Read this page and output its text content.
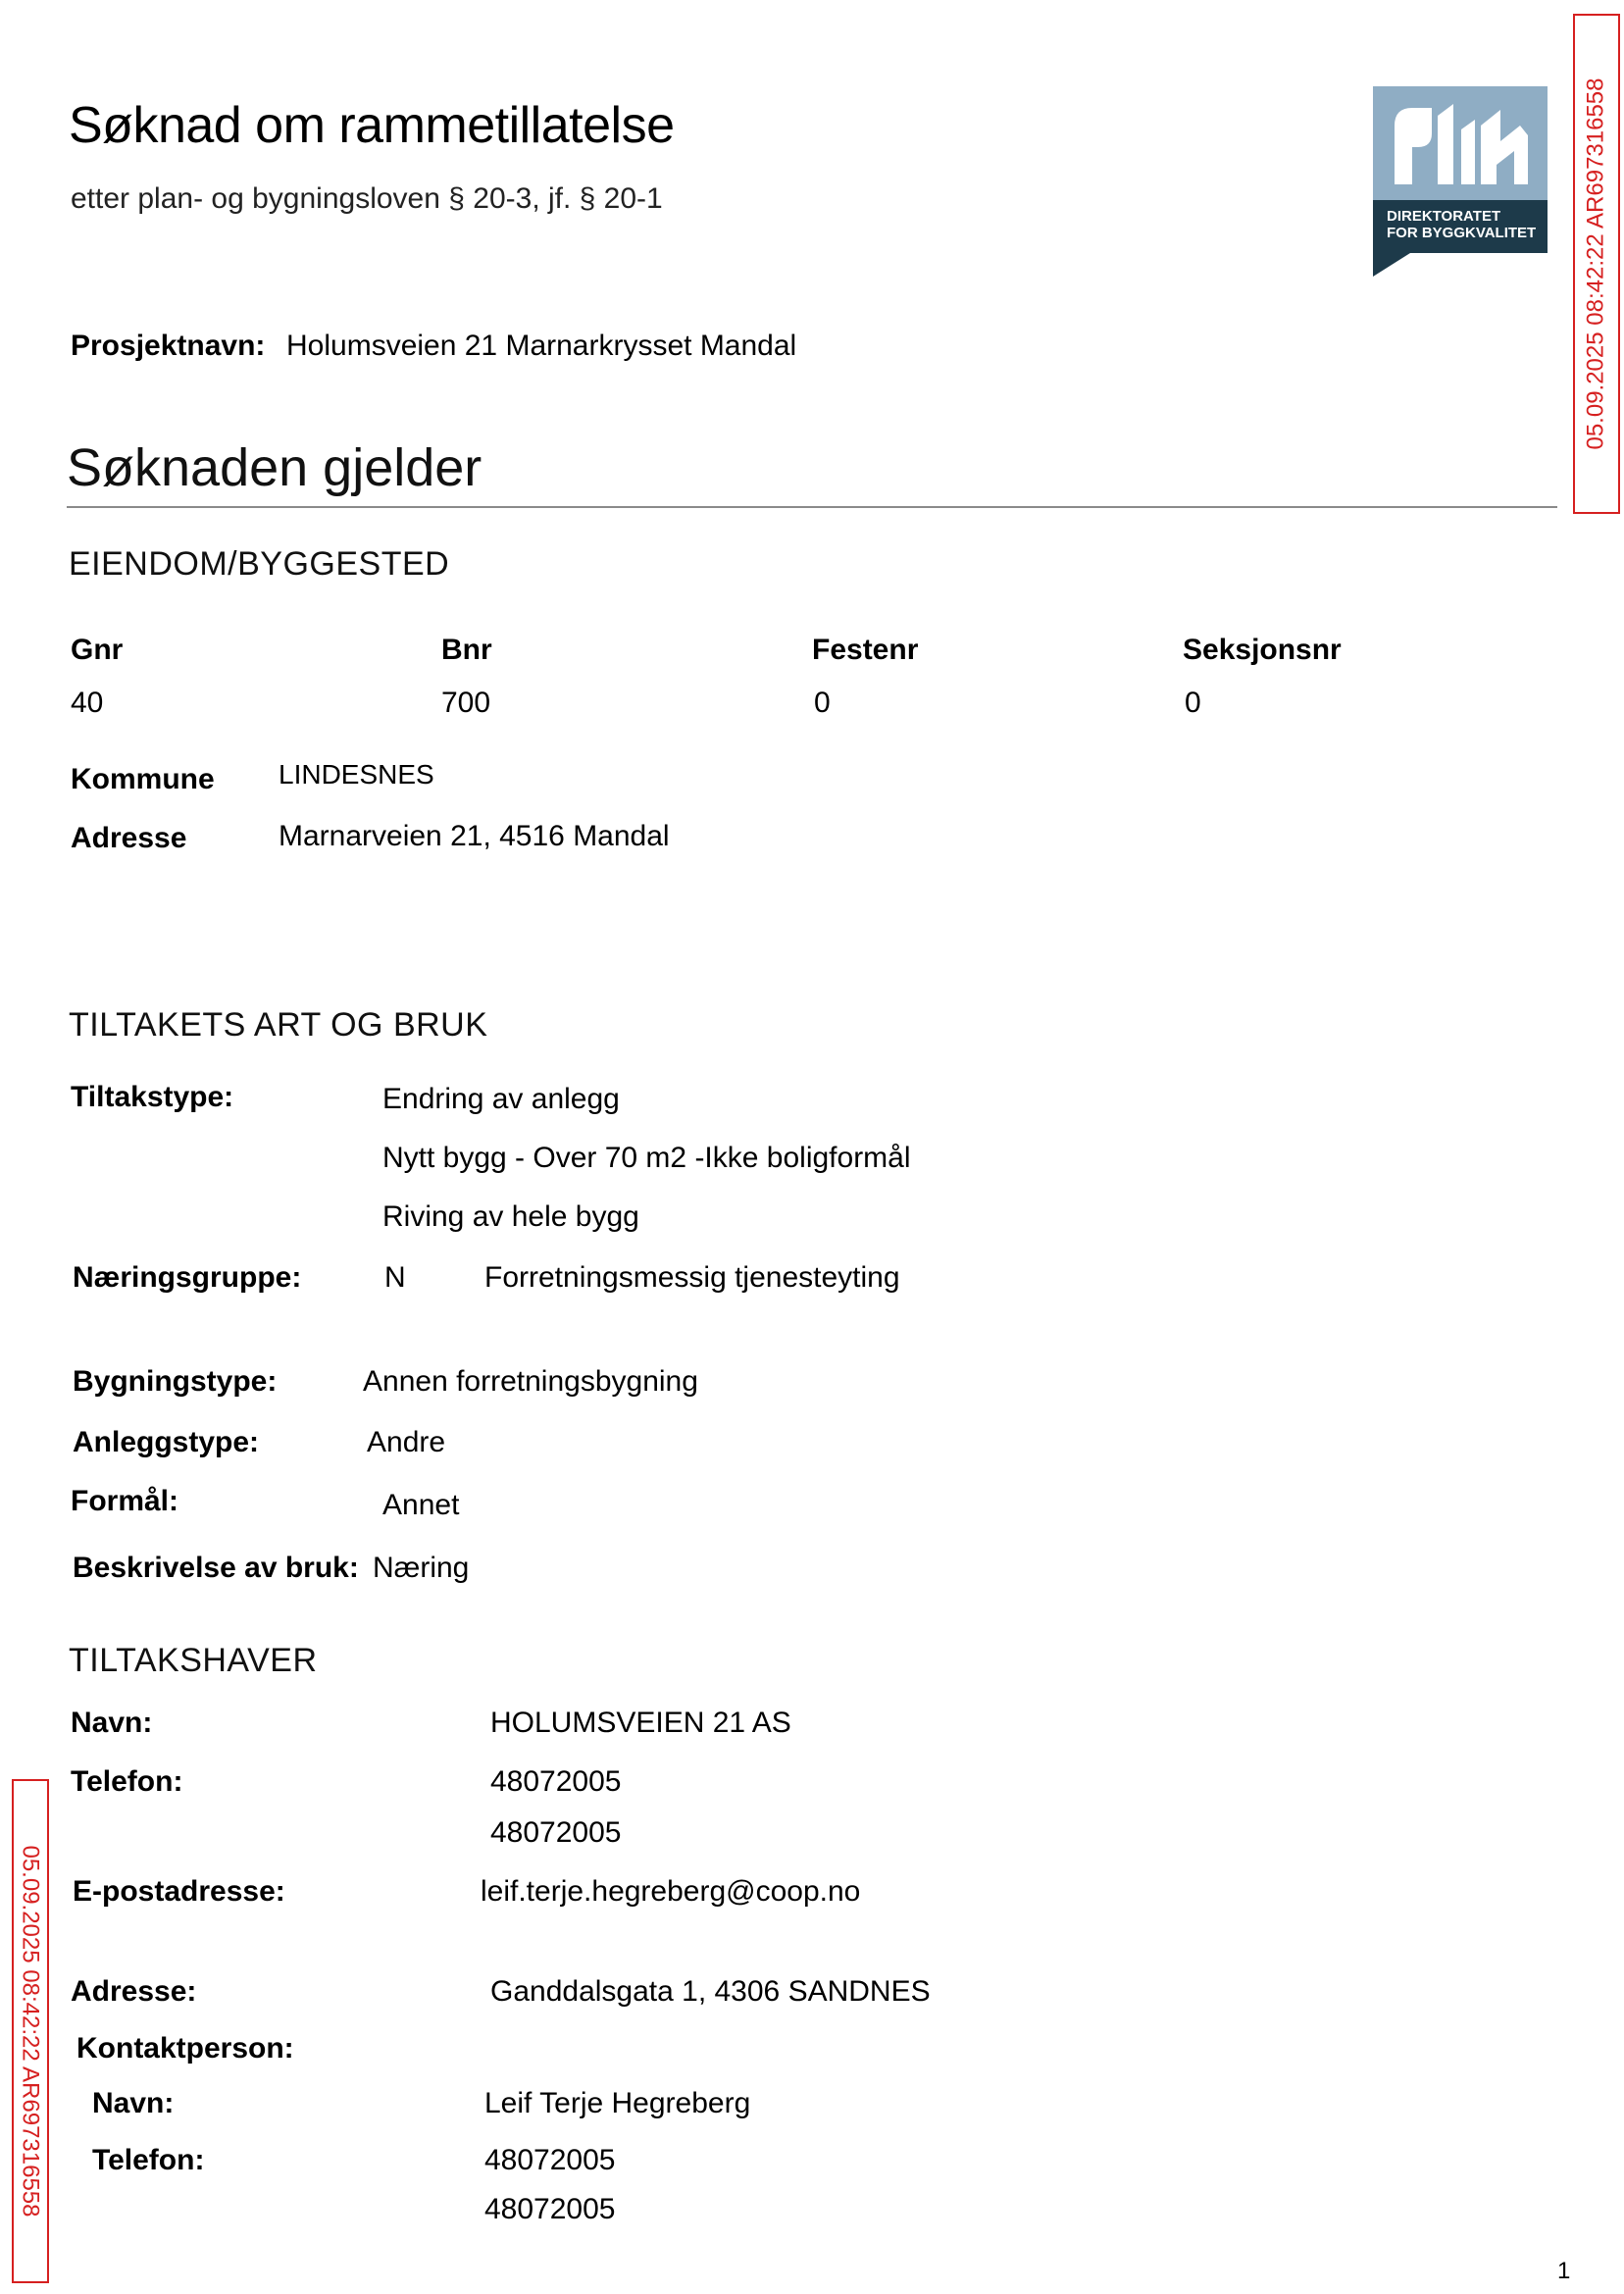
Søknad om rammetillatelse
etter plan- og bygningsloven § 20-3, jf. § 20-1
DIREKTORATET
FOR BYGGKVALITET 05.09.2025 08:42:22 AR697316558
Prosjektnavn: Holumsveien 21 Marnarkrysset Mandal
Søknaden gjelder
EIENDOM/BYGGESTED
Gnr	Bnr	Festenr	Seksjonsnr
40	700	0	0
Kommune LINDESNES
Adresse	Marnarveien 21, 4516 Mandal
TILTAKETS ART OG BRUK
Tiltakstype:	Endring av anlegg
Nytt bygg - Over 70 m2 -Ikke boligformål
Riving av hele bygg
Næringsgruppe:	N	Forretningsmessig tjenesteyting
Bygningstype:	Annen forretningsbygning
Anleggstype:	Andre
Formål:	Annet
Beskrivelse av bruk: Næring
TILTAKSHAVER
Navn:	HOLUMSVEIEN 21 AS
Telefon:	48072005
48072005
E-postadresse:	leif.terje.hegreberg@coop.no
Adresse:	Ganddalsgata 1, 4306 SANDNES
Kontaktperson:
Navn:	Leif Terje Hegreberg
Telefon:	48072005
48072005
05.09.2025 08:42:22 AR697316558
1
